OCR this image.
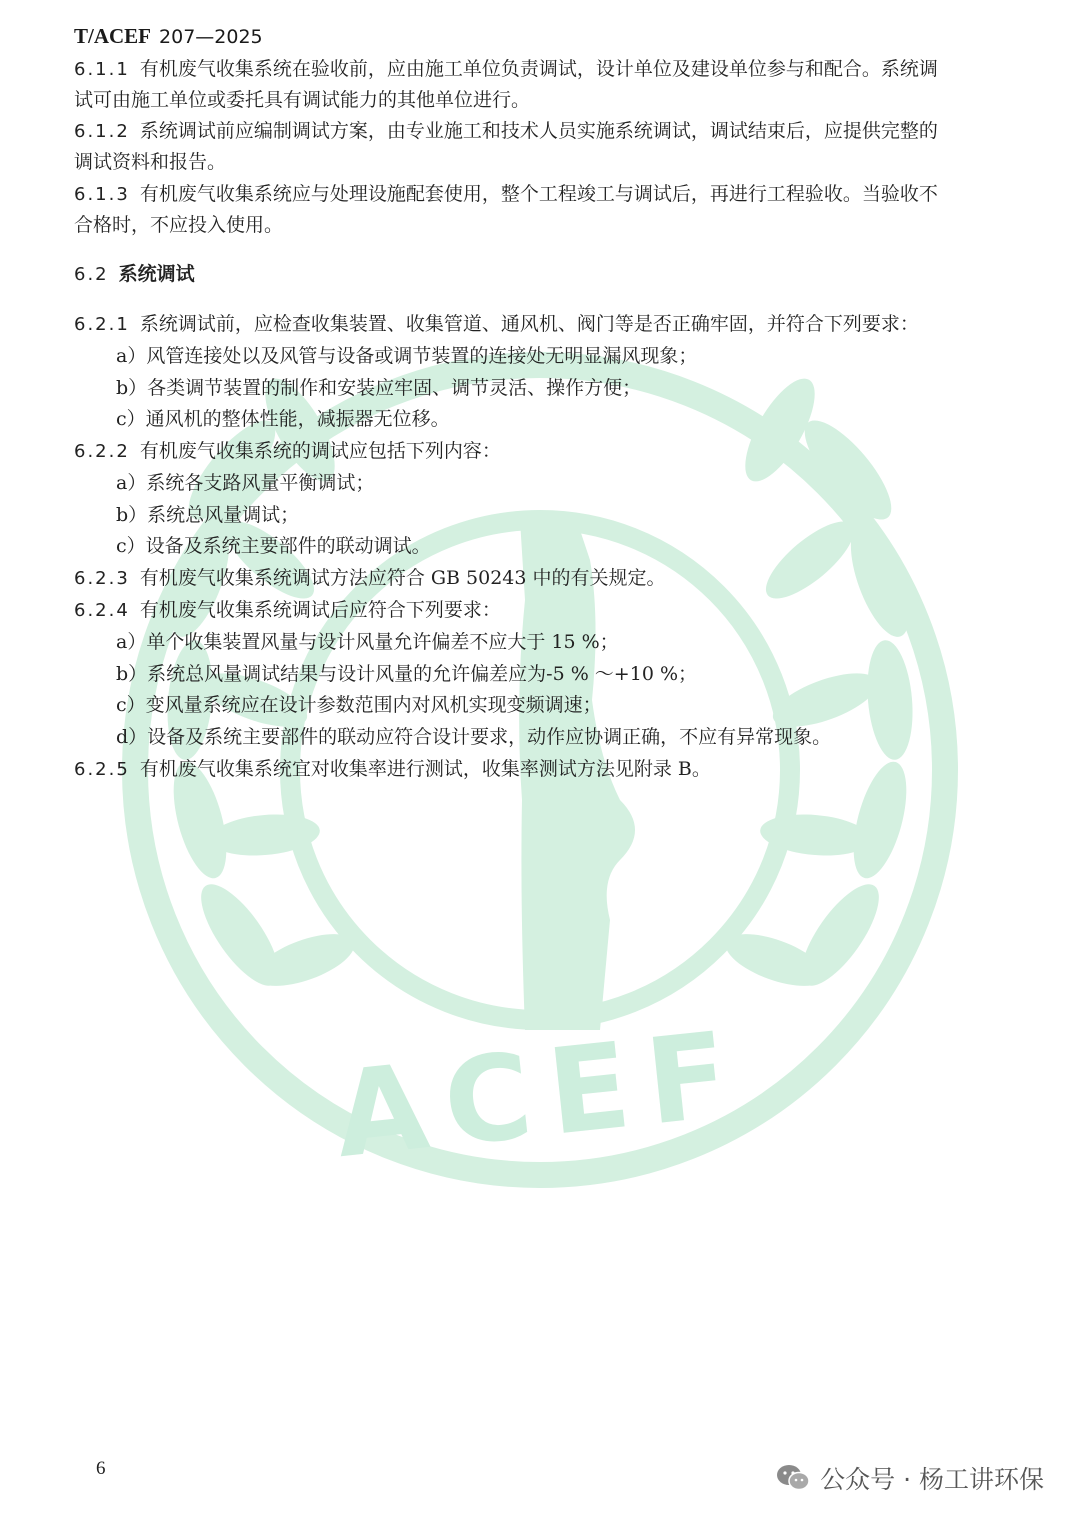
T/ACEF 207—2025
6.1.1 有机废气收集系统在验收前，应由施工单位负责调试，设计单位及建设单位参与和配合。系统调
试可由施工单位或委托具有调试能力的其他单位进行。
6.1.2 系统调试前应编制调试方案，由专业施工和技术人员实施系统调试，调试结束后，应提供完整的
调试资料和报告。
6.1.3 有机废气收集系统应与处理设施配套使用，整个工程竣工与调试后，再进行工程验收。当验收不
合格时，不应投入使用。
6.2 系统调试
6.2.1 系统调试前，应检查收集装置、收集管道、通风机、阀门等是否正确牢固，并符合下列要求：
a）风管连接处以及风管与设备或调节装置的连接处无明显漏风现象；
b）各类调节装置的制作和安装应牢固、调节灵活、操作方便；
c）通风机的整体性能，减振器无位移。
6.2.2 有机废气收集系统的调试应包括下列内容：
a）系统各支路风量平衡调试；
b）系统总风量调试；
c）设备及系统主要部件的联动调试。
6.2.3 有机废气收集系统调试方法应符合 GB 50243 中的有关规定。
6.2.4 有机废气收集系统调试后应符合下列要求：
a）单个收集装置风量与设计风量允许偏差不应大于 15 %；
b）系统总风量调试结果与设计风量的允许偏差应为-5 % ～+10 %；
c）变风量系统应在设计参数范围内对风机实现变频调速；
d）设备及系统主要部件的联动应符合设计要求，动作应协调正确，不应有异常现象。
6.2.5 有机废气收集系统宜对收集率进行测试，收集率测试方法见附录 B。
6	公众号 · 杨工讲环保
ACEF
